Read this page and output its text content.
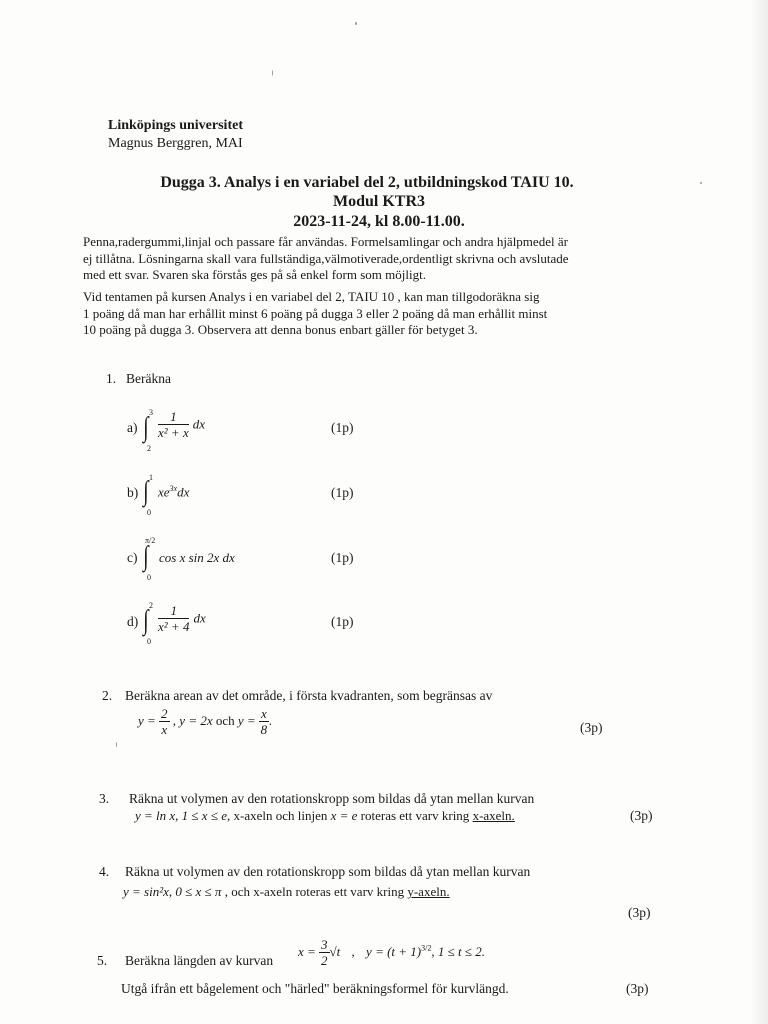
Linköpings universitet
Magnus Berggren, MAI
Dugga 3. Analys i en variabel del 2, utbildningskod TAIU 10.
Modul KTR3
2023-11-24, kl 8.00-11.00.

Penna,radergummi,linjal och passare får användas. Formelsamlingar och andra hjälpmedel är

ej tillåtna. Lösningarna skall vara fullständiga,välmotiverade,ordentligt skrivna och avslutade

med ett svar. Svaren ska förstås ges på så enkel form som möjligt.

Vid tentamen på kursen Analys i en variabel del 2, TAIU 10 , kan man tillgodoräkna sig

1 poäng då man har erhållit minst 6 poäng på dugga 3 eller 2 poäng då man erhållit minst

10 poäng på dugga 3. Observera att denna bonus enbart gäller för betyget 3.

1. Beräkna
a)
3
2
∫ $\frac{1}{\text{x² + x}}$ dx	(1p)
b)
1
0
∫ $xe^{3x}dx$	(1p)
c)
π/2
0
∫ cos x sin 2x dx	(1p)
d)
2
0
∫ $\frac{1}{\text{x² + 4}}$ dx	(1p)
2. Beräkna arean av det område, i första kvadranten, som begränsas av
$y = \frac{2}{x}$ , y = 2x och $y = \frac{x}{8}$ .	(3p)
3. Räkna ut volymen av den rotationskropp som bildas då ytan mellan kurvan
y = ln x, 1 ≤ x ≤ e, x-axeln och linjen x = e roteras ett varv kring x-axeln.	(3p)
4. Räkna ut volymen av den rotationskropp som bildas då ytan mellan kurvan
y = sin²x, 0 ≤ x ≤ π , och x-axeln roteras ett varv kring y-axeln.
(3p)
5. Beräkna längden av kurvan
$x = \frac{3}{2} √t$ , $y = (t + 1)^{3/2}$, 1 ≤ t ≤ 2.
Utgå ifrån ett bågelement och "härled" beräkningsformel för kurvlängd.	(3p)
